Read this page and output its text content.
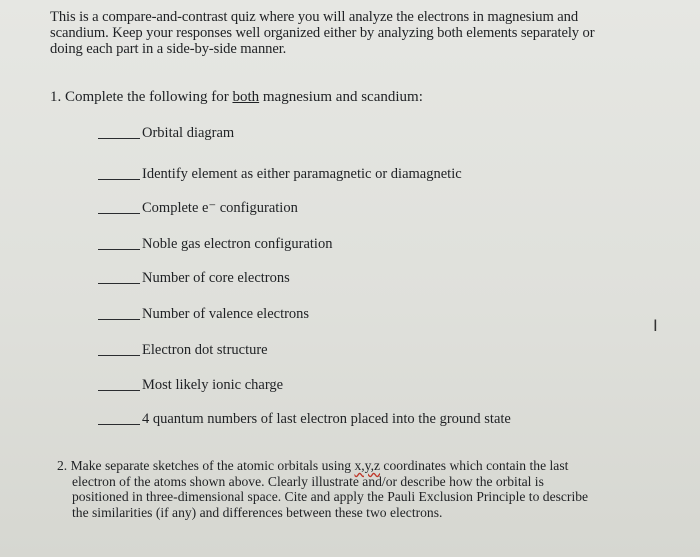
This is a compare-and-contrast quiz where you will analyze the electrons in magnesium and
scandium. Keep your responses well organized either by analyzing both elements separately or
doing each part in a side-by-side manner.
1. Complete the following for both magnesium and scandium:
Orbital diagram
Identify element as either paramagnetic or diamagnetic
Complete e⁻ configuration
Noble gas electron configuration
Number of core electrons
Number of valence electrons
Electron dot structure
Most likely ionic charge
4 quantum numbers of last electron placed into the ground state
I
2. Make separate sketches of the atomic orbitals using x,y,z coordinates which contain the last
electron of the atoms shown above. Clearly illustrate and/or describe how the orbital is
positioned in three-dimensional space. Cite and apply the Pauli Exclusion Principle to describe
the similarities (if any) and differences between these two electrons.
